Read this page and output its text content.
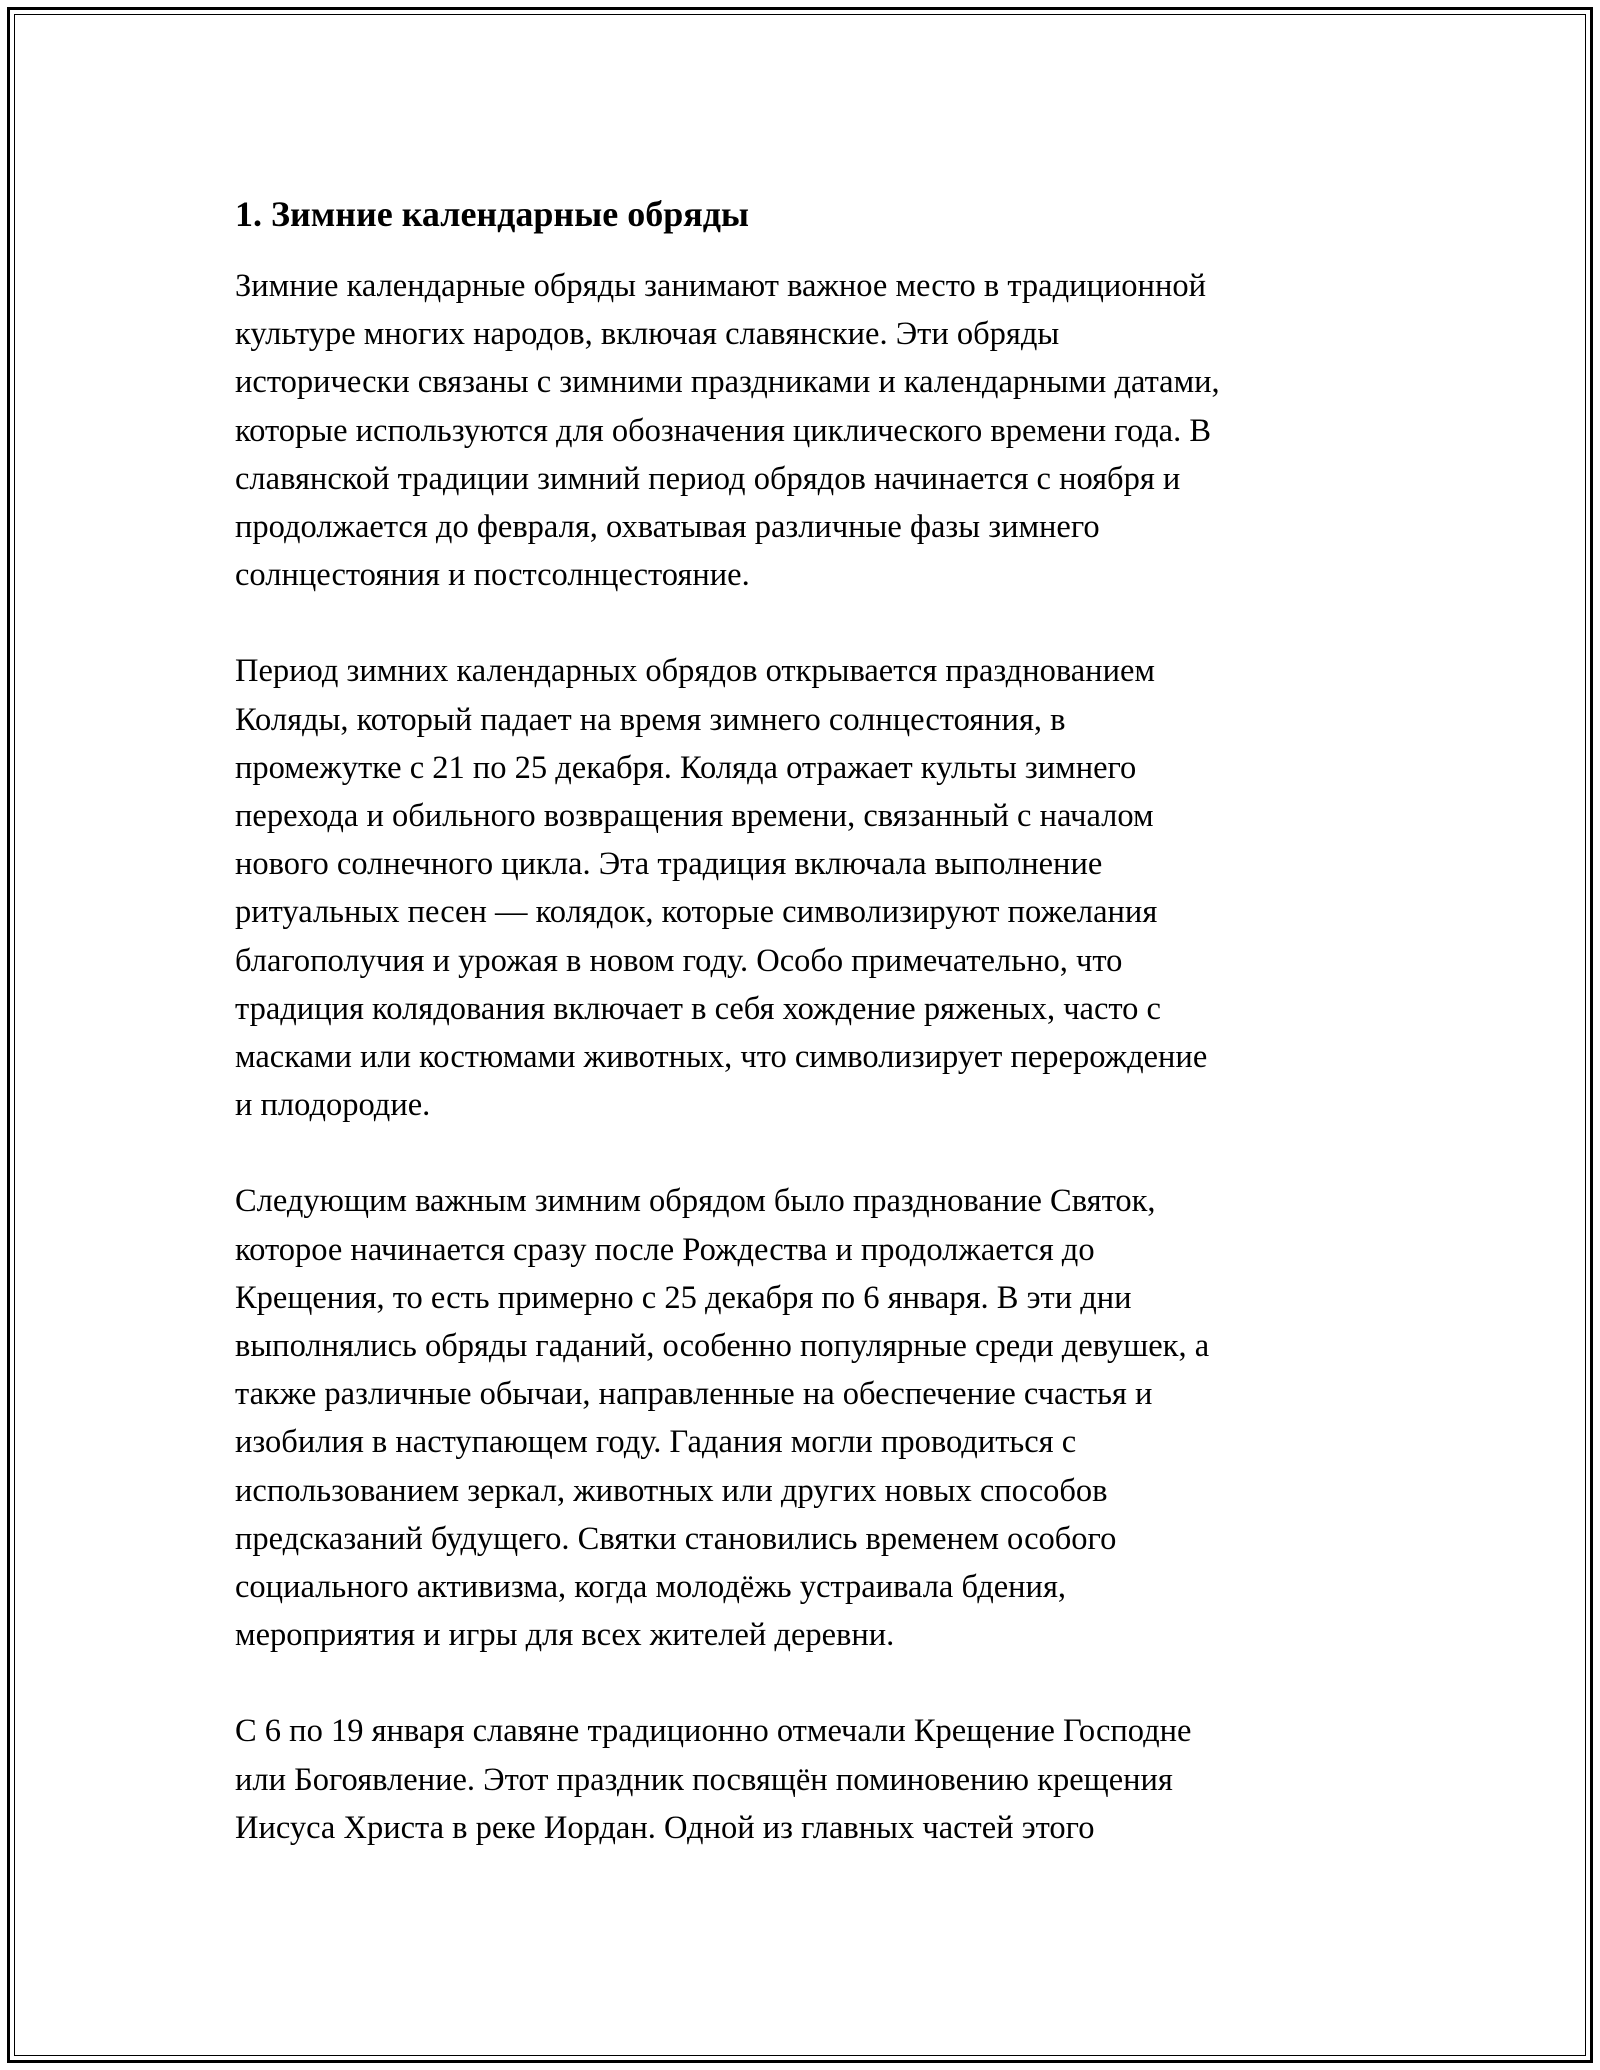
1. Зимние календарные обряды

Зимние календарные обряды занимают важное место в традиционной
культуре многих народов, включая славянские. Эти обряды
исторически связаны с зимними праздниками и календарными датами,
которые используются для обозначения циклического времени года. В
славянской традиции зимний период обрядов начинается с ноября и
продолжается до февраля, охватывая различные фазы зимнего
солнцестояния и постсолнцестояние.

Период зимних календарных обрядов открывается празднованием
Коляды, который падает на время зимнего солнцестояния, в
промежутке с 21 по 25 декабря. Коляда отражает культы зимнего
перехода и обильного возвращения времени, связанный с началом
нового солнечного цикла. Эта традиция включала выполнение
ритуальных песен — колядок, которые символизируют пожелания
благополучия и урожая в новом году. Особо примечательно, что
традиция колядования включает в себя хождение ряженых, часто с
масками или костюмами животных, что символизирует перерождение
и плодородие.

Следующим важным зимним обрядом было празднование Святок,
которое начинается сразу после Рождества и продолжается до
Крещения, то есть примерно с 25 декабря по 6 января. В эти дни
выполнялись обряды гаданий, особенно популярные среди девушек, а
также различные обычаи, направленные на обеспечение счастья и
изобилия в наступающем году. Гадания могли проводиться с
использованием зеркал, животных или других новых способов
предсказаний будущего. Святки становились временем особого
социального активизма, когда молодёжь устраивала бдения,
мероприятия и игры для всех жителей деревни.

С 6 по 19 января славяне традиционно отмечали Крещение Господне
или Богоявление. Этот праздник посвящён поминовению крещения
Иисуса Христа в реке Иордан. Одной из главных частей этого
